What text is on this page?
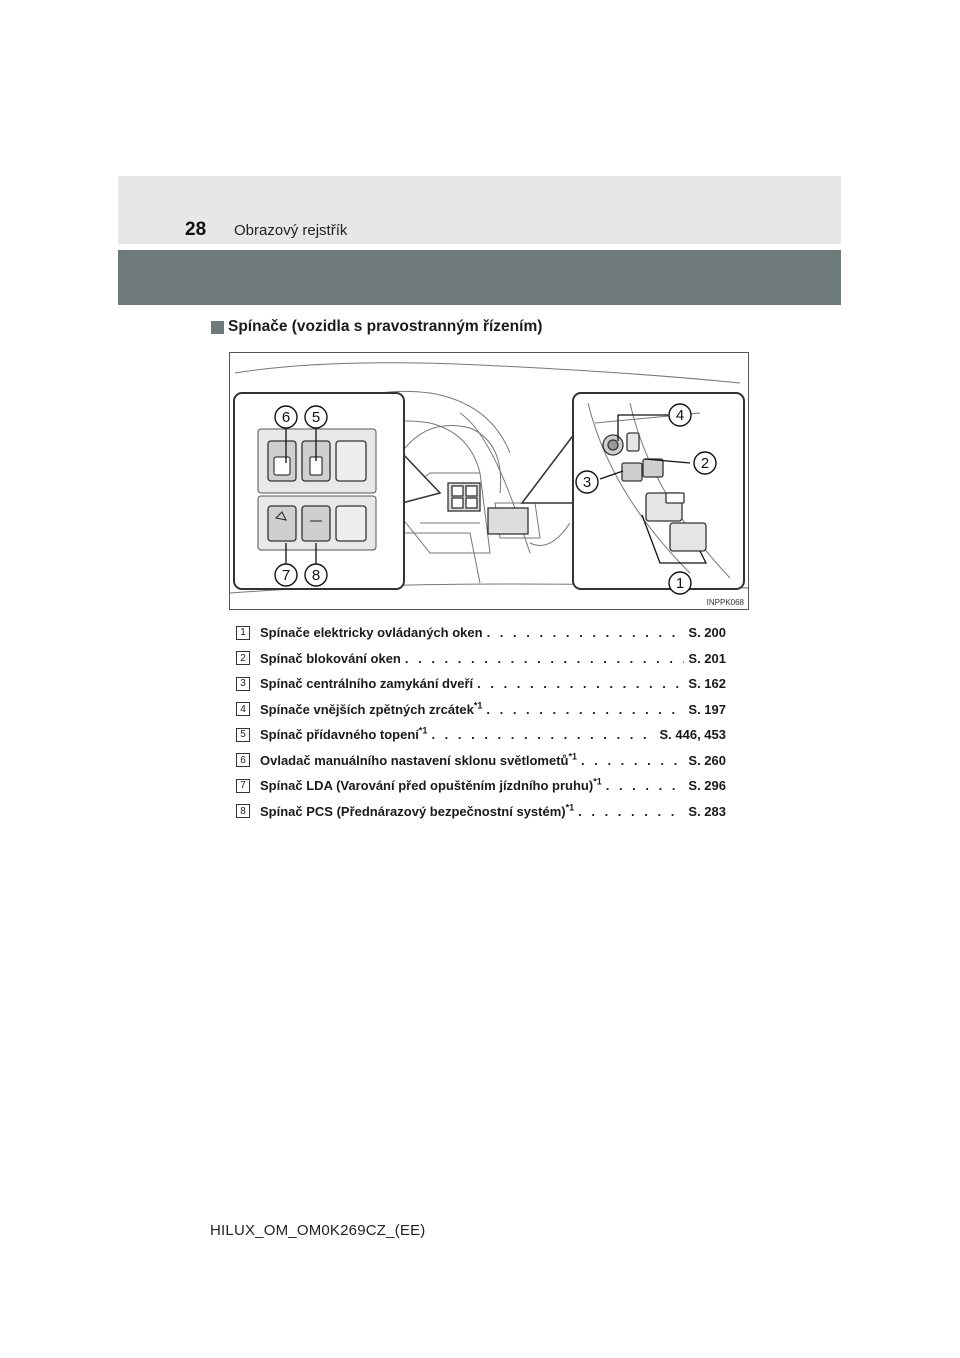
28 Obrazový rejstřík
Spínače (vozidla s pravostranným řízením)
6 5
7 8
4
2
3
1
INPPK068
1	Spínače elektricky ovládaných oken . . .	S. 200
2	Spínač blokování oken . . .	S. 201
3	Spínač centrálního zamykání dveří . . .	S. 162
4	Spínače vnějších zpětných zrcátek$^{*1}$ . . .	S. 197
5	Spínač přídavného topení$^{*1}$ . . .	S. 446, 453
6	Ovladač manuálního nastavení sklonu světlometů$^{*1}$ . . .	S. 260
7	Spínač LDA (Varování před opuštěním jízdního pruhu)$^{*1}$ . . .	S. 296
8	Spínač PCS (Přednárazový bezpečnostní systém)$^{*1}$ . . .	S. 283
HILUX_OM_OM0K269CZ_(EE)
